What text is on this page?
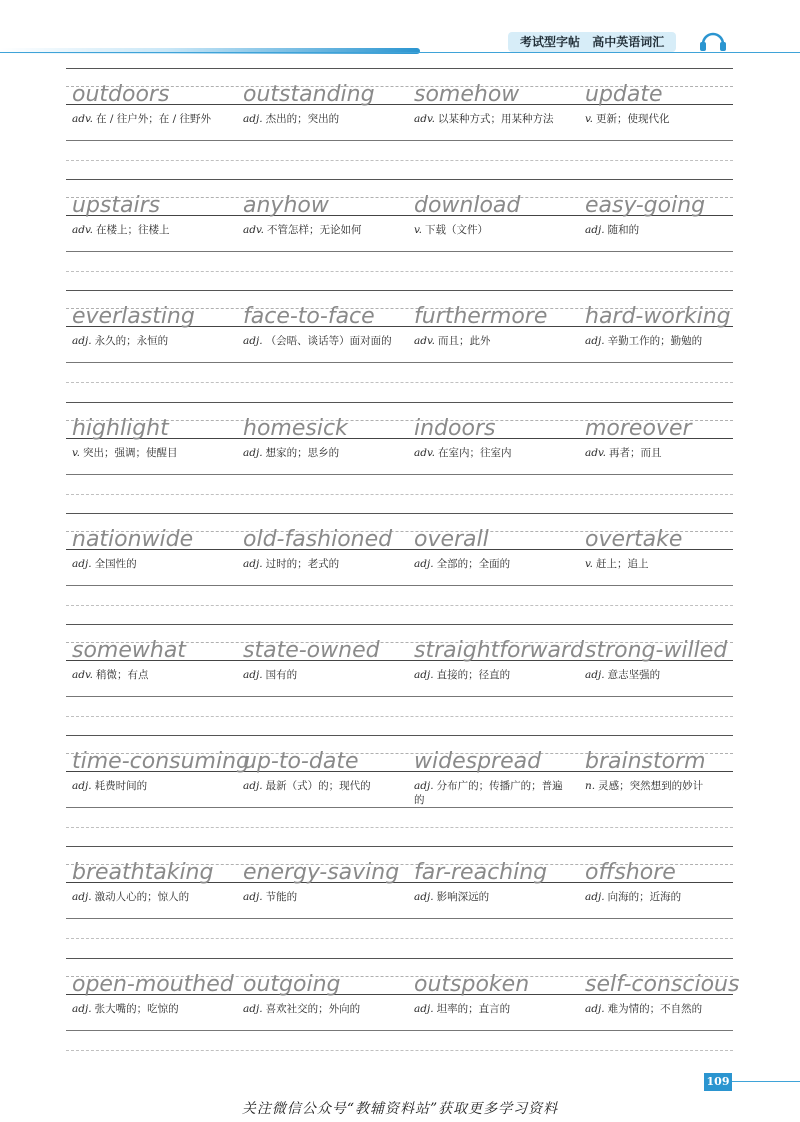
考试型字帖 高中英语词汇
outdoors
adv. 在 / 往户外；在 / 往野外
outstanding
adj. 杰出的；突出的
somehow
adv. 以某种方式；用某种方法
update
v. 更新；使现代化
upstairs
adv. 在楼上；往楼上
anyhow
adv. 不管怎样；无论如何
download
v. 下载（文件）
easy-going
adj. 随和的
everlasting
adj. 永久的；永恒的
face-to-face
adj. （会晤、谈话等）面对面的
furthermore
adv. 而且；此外
hard-working
adj. 辛勤工作的；勤勉的
highlight
v. 突出；强调；使醒目
homesick
adj. 想家的；思乡的
indoors
adv. 在室内；往室内
moreover
adv. 再者；而且
nationwide
adj. 全国性的
old-fashioned
adj. 过时的；老式的
overall
adj. 全部的；全面的
overtake
v. 赶上；追上
somewhat
adv. 稍微；有点
state-owned
adj. 国有的
straightforward
adj. 直接的；径直的
strong-willed
adj. 意志坚强的
time-consuming
adj. 耗费时间的
up-to-date
adj. 最新（式）的；现代的
widespread
adj. 分布广的；传播广的；普遍的
brainstorm
n. 灵感；突然想到的妙计
breathtaking
adj. 激动人心的；惊人的
energy-saving
adj. 节能的
far-reaching
adj. 影响深远的
offshore
adj. 向海的；近海的
open-mouthed
adj. 张大嘴的；吃惊的
outgoing
adj. 喜欢社交的；外向的
outspoken
adj. 坦率的；直言的
self-conscious
adj. 难为情的；不自然的
109
关注微信公众号“教辅资料站”获取更多学习资料
